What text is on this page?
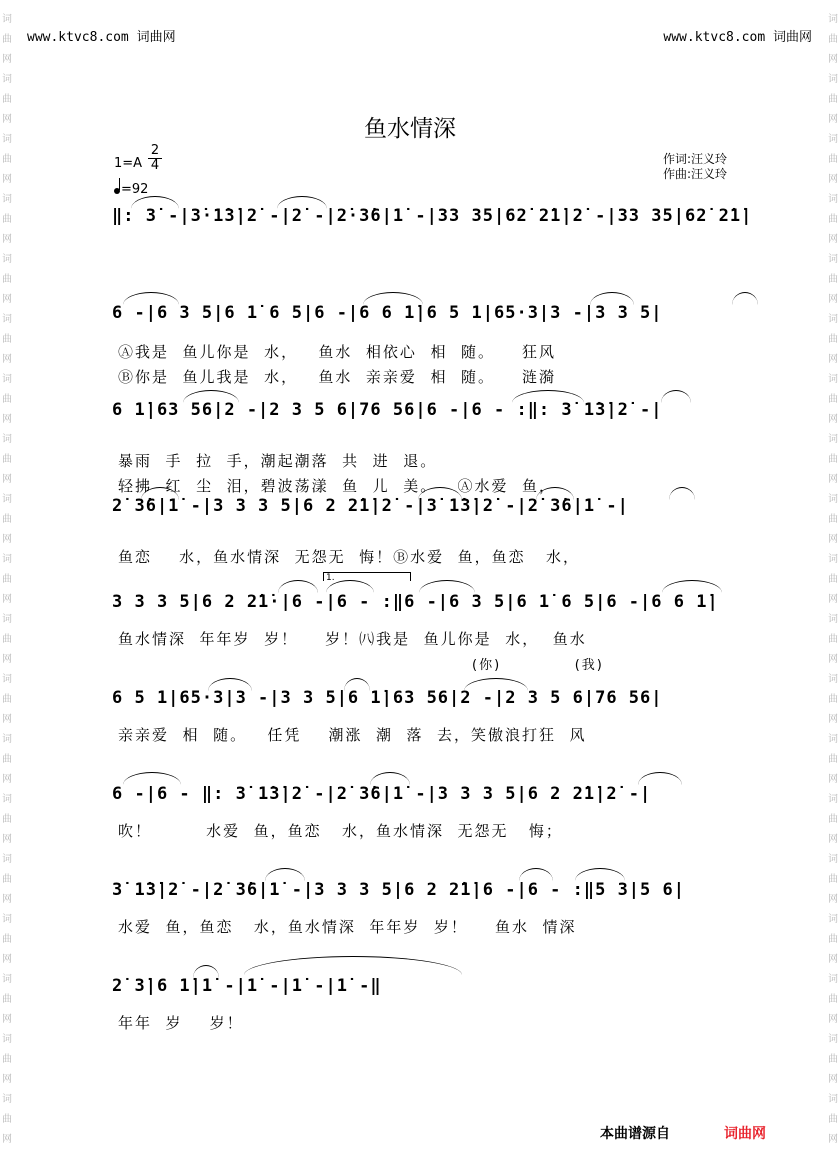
词曲网词曲网词曲网词曲网词曲网词曲网词曲网词曲网词曲网词曲网词曲网词曲网词曲网词曲网词曲网词曲网词曲网词曲网词曲网
词曲网词曲网词曲网词曲网词曲网词曲网词曲网词曲网词曲网词曲网词曲网词曲网词曲网词曲网词曲网词曲网词曲网词曲网词曲网
www.ktvc8.com 词曲网	www.ktvc8.com 词曲网
鱼水情深
$1=A \frac{2}{4}$
=92
作词:汪义玲
作曲:汪义玲
‖: 3̇ -|3̇·1̇3̇|2̇ -|2̇ -|2̇·3̇6|1̇ -|33 35|62̇ 2̇1̇|2̇ -|33 35|62̇ 2̇1̇|
6 -|6 3 5|6 1̇ 6 5|6 -|6 6 1̇|6 5 1|65·3|3 -|3 3 5|
Ⓐ我是  鱼儿你是  水，   鱼水  相依心  相  随。    狂风
Ⓑ你是  鱼儿我是  水，   鱼水  亲亲爱  相  随。    涟漪
6 1̇|63 56|2 -|2 3 5 6|76 56|6 -|6 - :‖: 3̇ 1̇3̇|2̇ -|
暴雨  手  拉  手，潮起潮落  共  进  退。
轻拂  红  尘  泪，碧波荡漾  鱼  儿  美。   Ⓐ水爱  鱼，
2̇ 3̇6|1̇ -|3 3 3 5|6 2 2̇1̇|2̇ -|3̇ 1̇3̇|2̇ -|2̇ 3̇6|1̇ -|
鱼恋    水，鱼水情深  无怨无  悔！Ⓑ水爱  鱼，鱼恋   水，
1.
3 3 3 5|6 2 2̇1̇·|6 -|6 - :‖6 -|6 3 5|6 1̇ 6 5|6 -|6 6 1̇|
鱼水情深  年年岁  岁！    岁！㈧我是  鱼儿你是  水，  鱼水
(你)            (我)
6 5 1|65·3|3 -|3 3 5|6 1̇|63 56|2 -|2 3 5 6|76 56|
亲亲爱  相  随。   任凭    潮涨  潮  落  去，笑傲浪打狂  风
6 -|6 - ‖: 3̇ 1̇3̇|2̇ -|2̇ 3̇6|1̇ -|3 3 3 5|6 2 2̇1̇|2̇ -|
吹！        水爱  鱼，鱼恋   水，鱼水情深  无怨无   悔；
3̇ 1̇3̇|2̇ -|2̇ 3̇6|1̇ -|3 3 3 5|6 2 2̇1̇|6 -|6 - :‖5 3|5 6|
水爱  鱼，鱼恋   水，鱼水情深  年年岁  岁！    鱼水  情深
2̇ 3̇|6 1̇|1̇ -|1̇ -|1̇ -|1̇ -‖
年年  岁    岁！
本曲谱源自	词曲网
